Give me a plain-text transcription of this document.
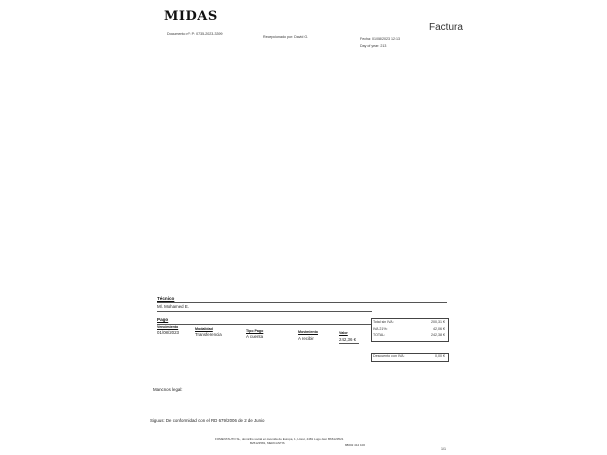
MIDAS
Factura
Documento nº: P: 0735-2023-3399
Recepcionado por: David G.	Fecha: 01/08/2023 12:13
Day of year: 213
Técnico
Ml. Mohamed E.
Pago
Vencimiento	Modalidad	Tipo Pago	Movimiento	Valor
01/08/2023	Transferencia	A cuenta	A recibir	242,36 €
Total sin IVA:	200,31 €
IVA 21%:	42,06 €
TOTAL:	242,38 €
Descuento con IVA:	0,00 €
Mancnos legal:
Siguus: De conformidad con el RD 679/2006 de 2 de Junio
FOMENTAUTO SL, domicilio social en Avenida de Europa, 1, Lloret, 4481 Lugo-Gal. B66123521
B25123581, MERCANTIS	88002 412 100
1/1
